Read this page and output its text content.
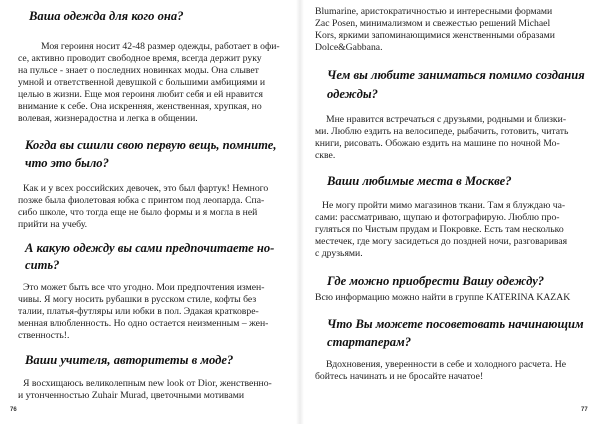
Ваша одежда для кого она?

Моя героиня носит 42-48 размер одежды, работает в офи-

се, активно проводит свободное время, всегда держит руку

на пульсе - знает о последних новинках моды. Она слывет

умной и ответственной девушкой с большими амбициями и

целью в жизни. Еще моя героиня любит себя и ей нравится

внимание к себе. Она искренняя, женственная, хрупкая, но

волевая, жизнерадостна и легка в общении.

Когда вы сшили свою первую вещь, помните,

что это было?

Как и у всех российских девочек, это был фартук! Немного

позже была фиолетовая юбка с принтом под леопарда. Спа-

сибо школе, что тогда еще не было формы и я могла в ней

прийти на учебу.

А какую одежду вы сами предпочитаете но-

сить?

Это может быть все что угодно. Мои предпочтения измен-

чивы. Я могу носить рубашки в русском стиле, кофты без

талии, платья-футляры или юбки в пол. Эдакая кратковре-

менная влюбленность. Но одно остается неизменным – жен-

ственность!.

Ваши учителя, авторитеты в моде?

Я восхищаюсь великолепным new look от Dior, женственно-

и утонченностью Zuhair Murad, цветочными мотивами

76

Blumarine, аристократичностью и интересными формами

Zac Posen, минимализмом и свежестью решений Michael

Kors, яркими запоминающимися женственными образами

Dolce&Gabbana.

Чем вы любите заниматься помимо создания

одежды?

Мне нравится встречаться с друзьями, родными и близки-

ми. Люблю ездить на велосипеде, рыбачить, готовить, читать

книги, рисовать. Обожаю ездить на машине по ночной Мо-

скве.

Ваши любимые места в Москве?

Не могу пройти мимо магазинов ткани. Там я блуждаю ча-

сами: рассматриваю, щупаю и фотографирую. Люблю про-

гуляться по Чистым прудам и Покровке. Есть там несколько

местечек, где могу засидеться до поздней ночи, разговаривая

с друзьями.

Где можно приобрести Вашу одежду?

Всю информацию можно найти в группе KATERINA KAZAK

Что Вы можете посоветовать начинающим

стартаперам?

Вдохновения, уверенности в себе и холодного расчета. Не

бойтесь начинать и не бросайте начатое!

77
